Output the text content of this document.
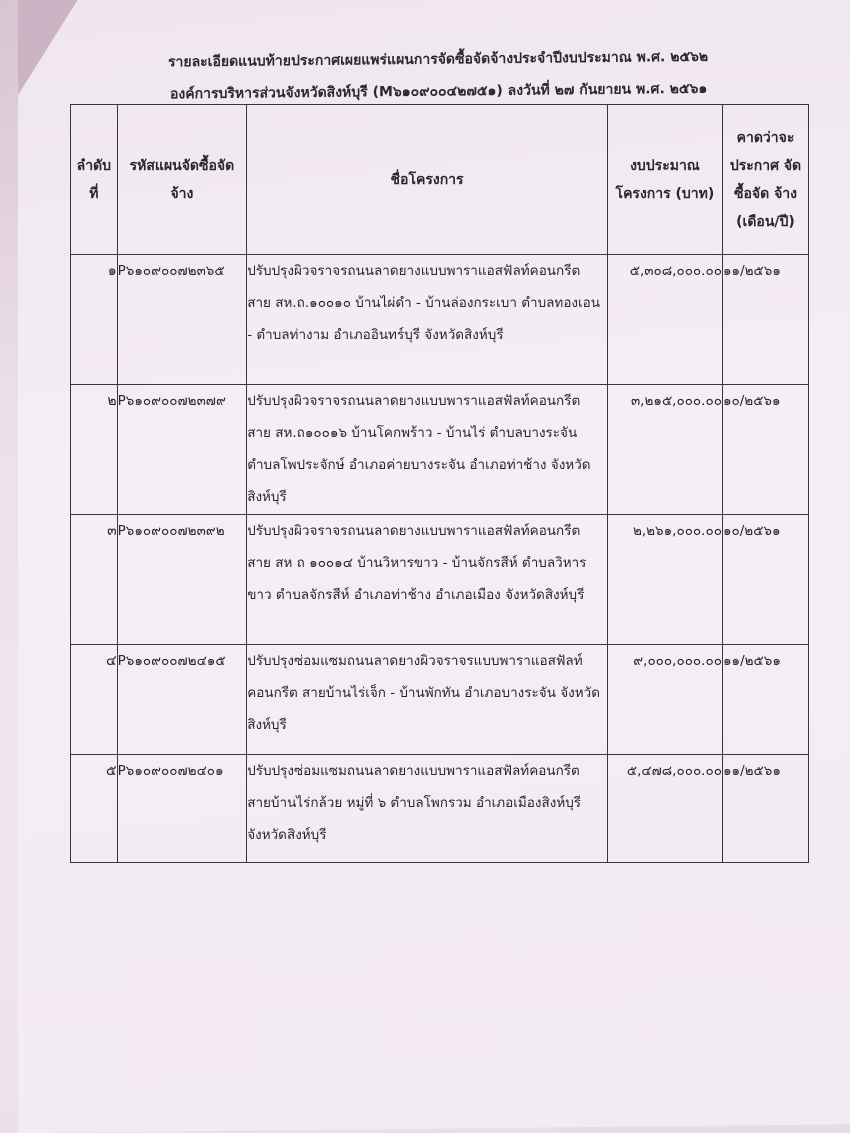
รายละเอียดแนบท้ายประกาศเผยแพร่แผนการจัดซื้อจัดจ้างประจำปีงบประมาณ พ.ศ. ๒๕๖๒
องค์การบริหารส่วนจังหวัดสิงห์บุรี (M๖๑๐๙๐๐๔๒๗๕๑) ลงวันที่ ๒๗ กันยายน พ.ศ. ๒๕๖๑
ลำดับ ที่	รหัสแผนจัดซื้อจัด จ้าง	ชื่อโครงการ	งบประมาณ โครงการ (บาท)	คาดว่าจะ ประกาศ จัดซื้อจัด จ้าง (เดือน/ปี)
๑	P๖๑๐๙๐๐๗๒๓๖๕	ปรับปรุงผิวจราจรถนนลาดยางแบบพาราแอสฟัลท์คอนกรีต สาย สห.ถ.๑๐๐๑๐ บ้านไผ่ดำ - บ้านล่องกระเบา ตำบลทองเอน - ตำบลท่างาม อำเภออินทร์บุรี จังหวัดสิงห์บุรี	๕,๓๐๘,๐๐๐.๐๐	๑๑/๒๕๖๑
๒	P๖๑๐๙๐๐๗๒๓๗๙	ปรับปรุงผิวจราจรถนนลาดยางแบบพาราแอสฟัลท์คอนกรีต สาย สห.ถ๑๐๐๑๖ บ้านโคกพร้าว - บ้านไร่ ตำบลบางระจัน ตำบลโพประจักษ์ อำเภอค่ายบางระจัน อำเภอท่าช้าง จังหวัดสิงห์บุรี	๓,๒๑๕,๐๐๐.๐๐	๑๐/๒๕๖๑
๓	P๖๑๐๙๐๐๗๒๓๙๒	ปรับปรุงผิวจราจรถนนลาดยางแบบพาราแอสฟัลท์คอนกรีต สาย สห ถ ๑๐๐๑๔ บ้านวิหารขาว - บ้านจักรสีห์ ตำบลวิหารขาว ตำบลจักรสีห์ อำเภอท่าช้าง อำเภอเมือง จังหวัดสิงห์บุรี	๒,๒๖๑,๐๐๐.๐๐	๑๐/๒๕๖๑
๔	P๖๑๐๙๐๐๗๒๔๑๕	ปรับปรุงซ่อมแซมถนนลาดยางผิวจราจรแบบพาราแอสฟัลท์คอนกรีต สายบ้านไร่เจ็ก - บ้านพักทัน อำเภอบางระจัน จังหวัดสิงห์บุรี	๙,๐๐๐,๐๐๐.๐๐	๑๑/๒๕๖๑
๕	P๖๑๐๙๐๐๗๒๔๐๑	ปรับปรุงซ่อมแซมถนนลาดยางแบบพาราแอสฟัลท์คอนกรีต สายบ้านไร่กล้วย หมู่ที่ ๖ ตำบลโพกรวม อำเภอเมืองสิงห์บุรี จังหวัดสิงห์บุรี	๕,๔๗๘,๐๐๐.๐๐	๑๑/๒๕๖๑
